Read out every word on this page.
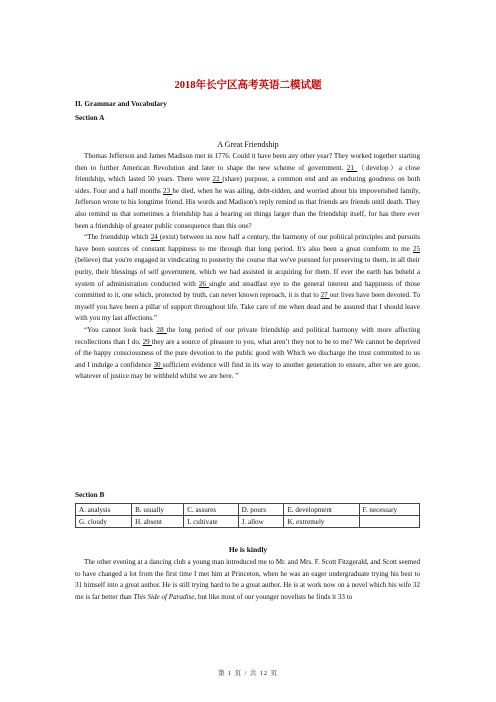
2018年长宁区高考英语二模试题
II. Grammar and Vocabulary
Section A
A Great Friendship

Thomas Jefferson and James Madison met in 1776. Could it have been any other year? They worked together starting then to further American Revolution and later to shape the new scheme of government. 21 （develop）a close friendship, which lasted 50 years. There were 22 (share) purpose, a common end and an enduring goodness on both sides. Four and a half months 23 he died, when he was ailing, debt-ridden, and worried about his impoverished family, Jefferson wrote to his longtime friend. His words and Madison's reply remind us that friends are friends until death. They also remind us that sometimes a friendship has a bearing on things larger than the friendship itself, for has there ever been a friendship of greater public consequence than this one?

“The friendship which 24 (exist) between us now half a century, the harmony of our political principles and pursuits have been sources of constant happiness to me through that long period. It's also been a great comform to me 25 (believe) that you're engaged in vindicating to posterity the course that we've pursued for preserving to them, in all their purity, their blessings of self government, which we had assisted in acquiring for them. If ever the earth has beheld a system of administration conducted with 26 single and steadfast eye to the general interest and happiness of those committed to it, one which, protected by truth, can never known reproach, it is that to 27 our lives have been devoted. To myself you have been a pillar of support throughout life. Take care of me when dead and be assured that I should leave with you my last affections.”

“You cannot look back 28 the long period of our private friendship and political harmony with more affecting recollections than I do. 29 they are a source of pleasure to you, what aren’t they not to be to me? We cannot be deprived of the happy consciousness of the pure devotion to the public good with Which we discharge the trust committed to us and I indulge a confidence 30 sufficient evidence will find in its way to another generation to ensure, after we are gone, whatever of justice may be withheld whilst we are here. ”

Section B
A. analysis	B. usually	C. assures	D. pours	E. development	F. necessary
G. cloudy	H. absent	I. cultivate	J. allow	K. extremely	
He is kindly

The other evening at a dancing club a young man introduced me to Mr. and Mrs. F. Scott Fitzgerald, and Scott seemed to have changed a lot from the first time I met him at Princeton, when he was an eager undergraduate trying his best to 31 himself into a great author. He is still trying hard to be a great author. He is at work now on a novel which his wife 32 me is far better than This Side of Paradise, but like most of our younger novelists he finds it 33 to

第 1 页 / 共 12 页
